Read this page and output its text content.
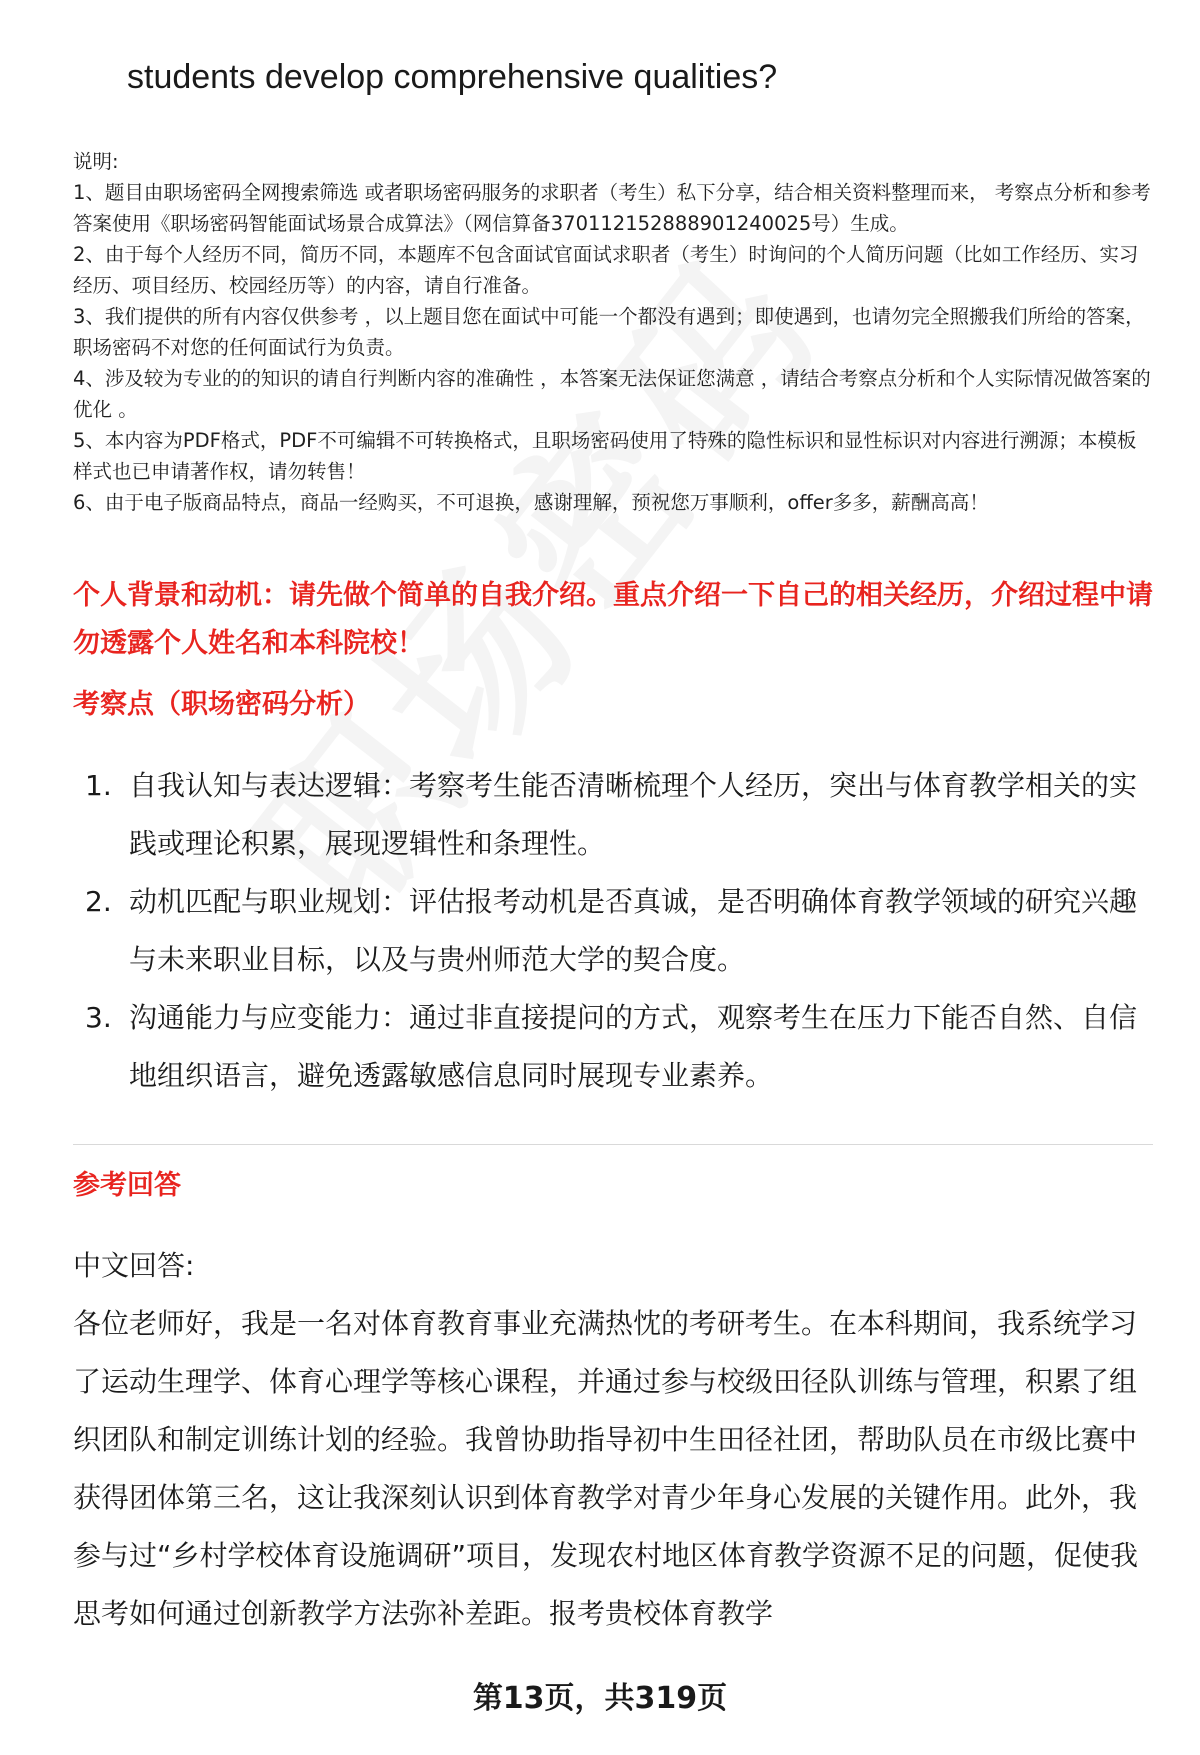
students develop comprehensive qualities?

说明:

1、题目由职场密码全网搜索筛选 或者职场密码服务的求职者（考生）私下分享，结合相关资料整理而来， 考察点分析和参考答案使用《职场密码智能面试场景合成算法》（网信算备370112152888901240025号）生成。

2、由于每个人经历不同，简历不同，本题库不包含面试官面试求职者（考生）时询问的个人简历问题（比如工作经历、实习经历、项目经历、校园经历等）的内容，请自行准备。

3、我们提供的所有内容仅供参考 ，以上题目您在面试中可能一个都没有遇到；即使遇到，也请勿完全照搬我们所给的答案，职场密码不对您的任何面试行为负责。

4、涉及较为专业的的知识的请自行判断内容的准确性 ，本答案无法保证您满意 ，请结合考察点分析和个人实际情况做答案的优化 。

5、本内容为PDF格式，PDF不可编辑不可转换格式，且职场密码使用了特殊的隐性标识和显性标识对内容进行溯源；本模板样式也已申请著作权，请勿转售！

6、由于电子版商品特点，商品一经购买，不可退换，感谢理解，预祝您万事顺利，offer多多，薪酬高高！

个人背景和动机：请先做个简单的自我介绍。重点介绍一下自己的相关经历，介绍过程中请勿透露个人姓名和本科院校！
考察点（职场密码分析）
1. 自我认知与表达逻辑：考察考生能否清晰梳理个人经历，突出与体育教学相关的实践或理论积累，展现逻辑性和条理性。
2. 动机匹配与职业规划：评估报考动机是否真诚，是否明确体育教学领域的研究兴趣与未来职业目标，以及与贵州师范大学的契合度。
3. 沟通能力与应变能力：通过非直接提问的方式，观察考生在压力下能否自然、自信地组织语言，避免透露敏感信息同时展现专业素养。
参考回答

中文回答:

各位老师好，我是一名对体育教育事业充满热忱的考研考生。在本科期间，我系统学习了运动生理学、体育心理学等核心课程，并通过参与校级田径队训练与管理，积累了组织团队和制定训练计划的经验。我曾协助指导初中生田径社团，帮助队员在市级比赛中获得团体第三名，这让我深刻认识到体育教学对青少年身心发展的关键作用。此外，我参与过“乡村学校体育设施调研”项目，发现农村地区体育教学资源不足的问题，促使我思考如何通过创新教学方法弥补差距。报考贵校体育教学

第13页，共319页
